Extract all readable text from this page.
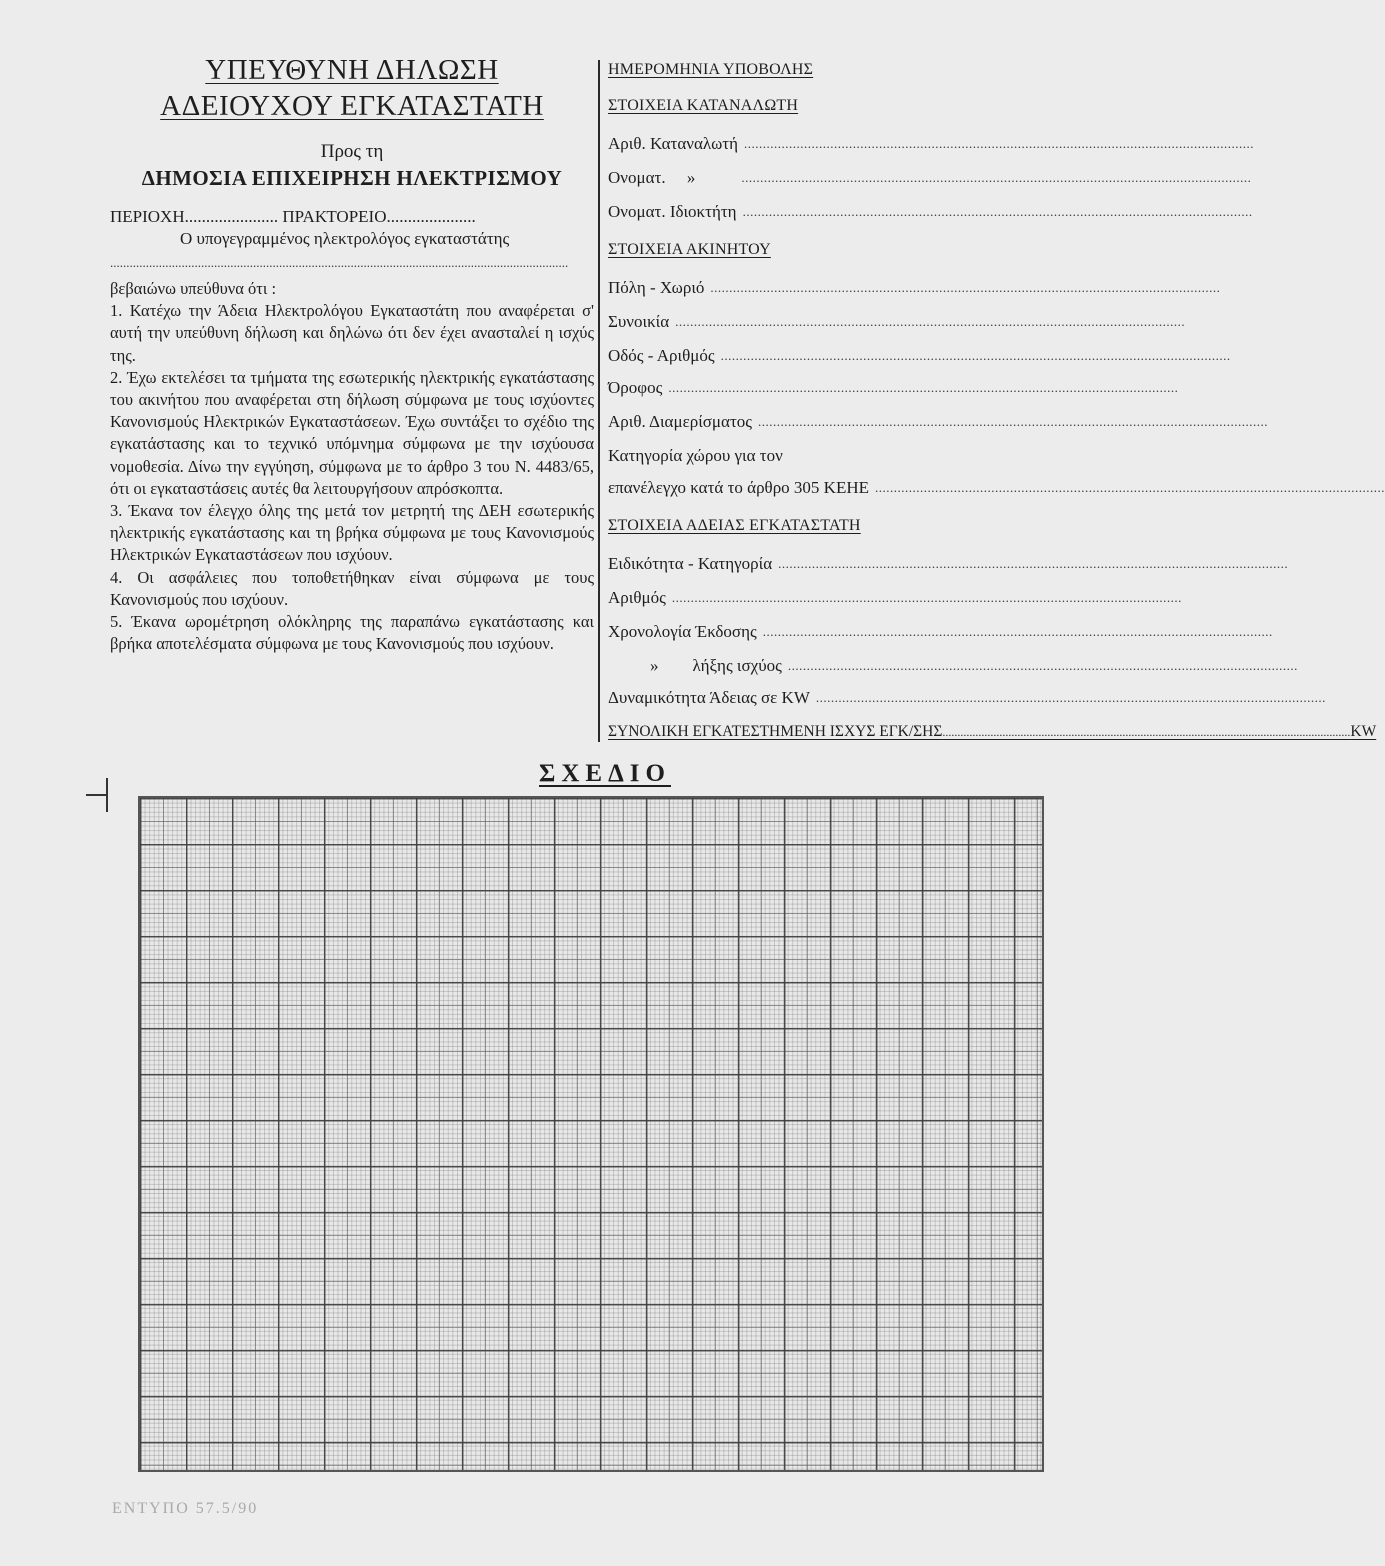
ΥΠΕΥΘΥΝΗ ΔΗΛΩΣΗ
ΑΔΕΙΟΥΧΟΥ ΕΓΚΑΤΑΣΤΑΤΗ
Προς τη
ΔΗΜΟΣΙΑ ΕΠΙΧΕΙΡΗΣΗ ΗΛΕΚΤΡΙΣΜΟΥ
ΠΕΡΙΟΧΗ...................... ΠΡΑΚΤΟΡΕΙΟ.....................
Ο υπογεγραμμένος ηλεκτρολόγος εγκαταστάτης
.............................................................................................................................................

βεβαιώνω υπεύθυνα ότι :

1. Κατέχω την Άδεια Ηλεκτρολόγου Εγκαταστάτη που αναφέρεται σ' αυτή την υπεύθυνη δήλωση και δηλώνω ότι δεν έχει ανασταλεί η ισχύς της.

2. Έχω εκτελέσει τα τμήματα της εσωτερικής ηλεκτρικής εγκατάστασης του ακινήτου που αναφέρεται στη δήλωση σύμφωνα με τους ισχύοντες Κανονισμούς Ηλεκτρικών Εγκαταστάσεων. Έχω συντάξει το σχέδιο της εγκατάστασης και το τεχνικό υπόμνημα σύμφωνα με την ισχύουσα νομοθεσία. Δίνω την εγγύηση, σύμφωνα με το άρθρο 3 του Ν. 4483/65, ότι οι εγκαταστάσεις αυτές θα λειτουργήσουν απρόσκοπτα.

3. Έκανα τον έλεγχο όλης της μετά τον μετρητή της ΔΕΗ εσωτερικής ηλεκτρικής εγκατάστασης και τη βρήκα σύμφωνα με τους Κανονισμούς Ηλεκτρικών Εγκαταστάσεων που ισχύουν.

4. Οι ασφάλειες που τοποθετήθηκαν είναι σύμφωνα με τους Κανονισμούς που ισχύουν.

5. Έκανα ωρομέτρηση ολόκληρης της παραπάνω εγκατάστασης και βρήκα αποτελέσματα σύμφωνα με τους Κανονισμούς που ισχύουν.

ΗΜΕΡΟΜΗΝΙΑ ΥΠΟΒΟΛΗΣ
ΣΤΟΙΧΕΙΑ ΚΑΤΑΝΑΛΩΤΗ
Αριθ. Καταναλωτή ........................................................................................................................................
Ονοματ.     »	........................................................................................................................................
Ονοματ. Ιδιοκτήτη ........................................................................................................................................
ΣΤΟΙΧΕΙΑ ΑΚΙΝΗΤΟΥ
Πόλη - Χωριό ........................................................................................................................................
Συνοικία ........................................................................................................................................
Οδός - Αριθμός ........................................................................................................................................
Όροφος ........................................................................................................................................
Αριθ. Διαμερίσματος ........................................................................................................................................
Κατηγορία χώρου για τον
επανέλεγχο κατά το άρθρο 305 ΚΕΗΕ ........................................................................................................................................
ΣΤΟΙΧΕΙΑ ΑΔΕΙΑΣ ΕΓΚΑΤΑΣΤΑΤΗ
Ειδικότητα - Κατηγορία ........................................................................................................................................
Αριθμός ........................................................................................................................................
Χρονολογία Έκδοσης ........................................................................................................................................
»        λήξης ισχύος ........................................................................................................................................
Δυναμικότητα Άδειας σε KW ........................................................................................................................................
ΣΥΝΟΛΙΚΗ ΕΓΚΑΤΕΣΤΗΜΕΝΗ ΙΣΧΥΣ ΕΓΚ/ΣΗΣ ........................................................................................................................................ KW
ΣΧΕΔΙΟ
ΕΝΤΥΠΟ 57.5/90
